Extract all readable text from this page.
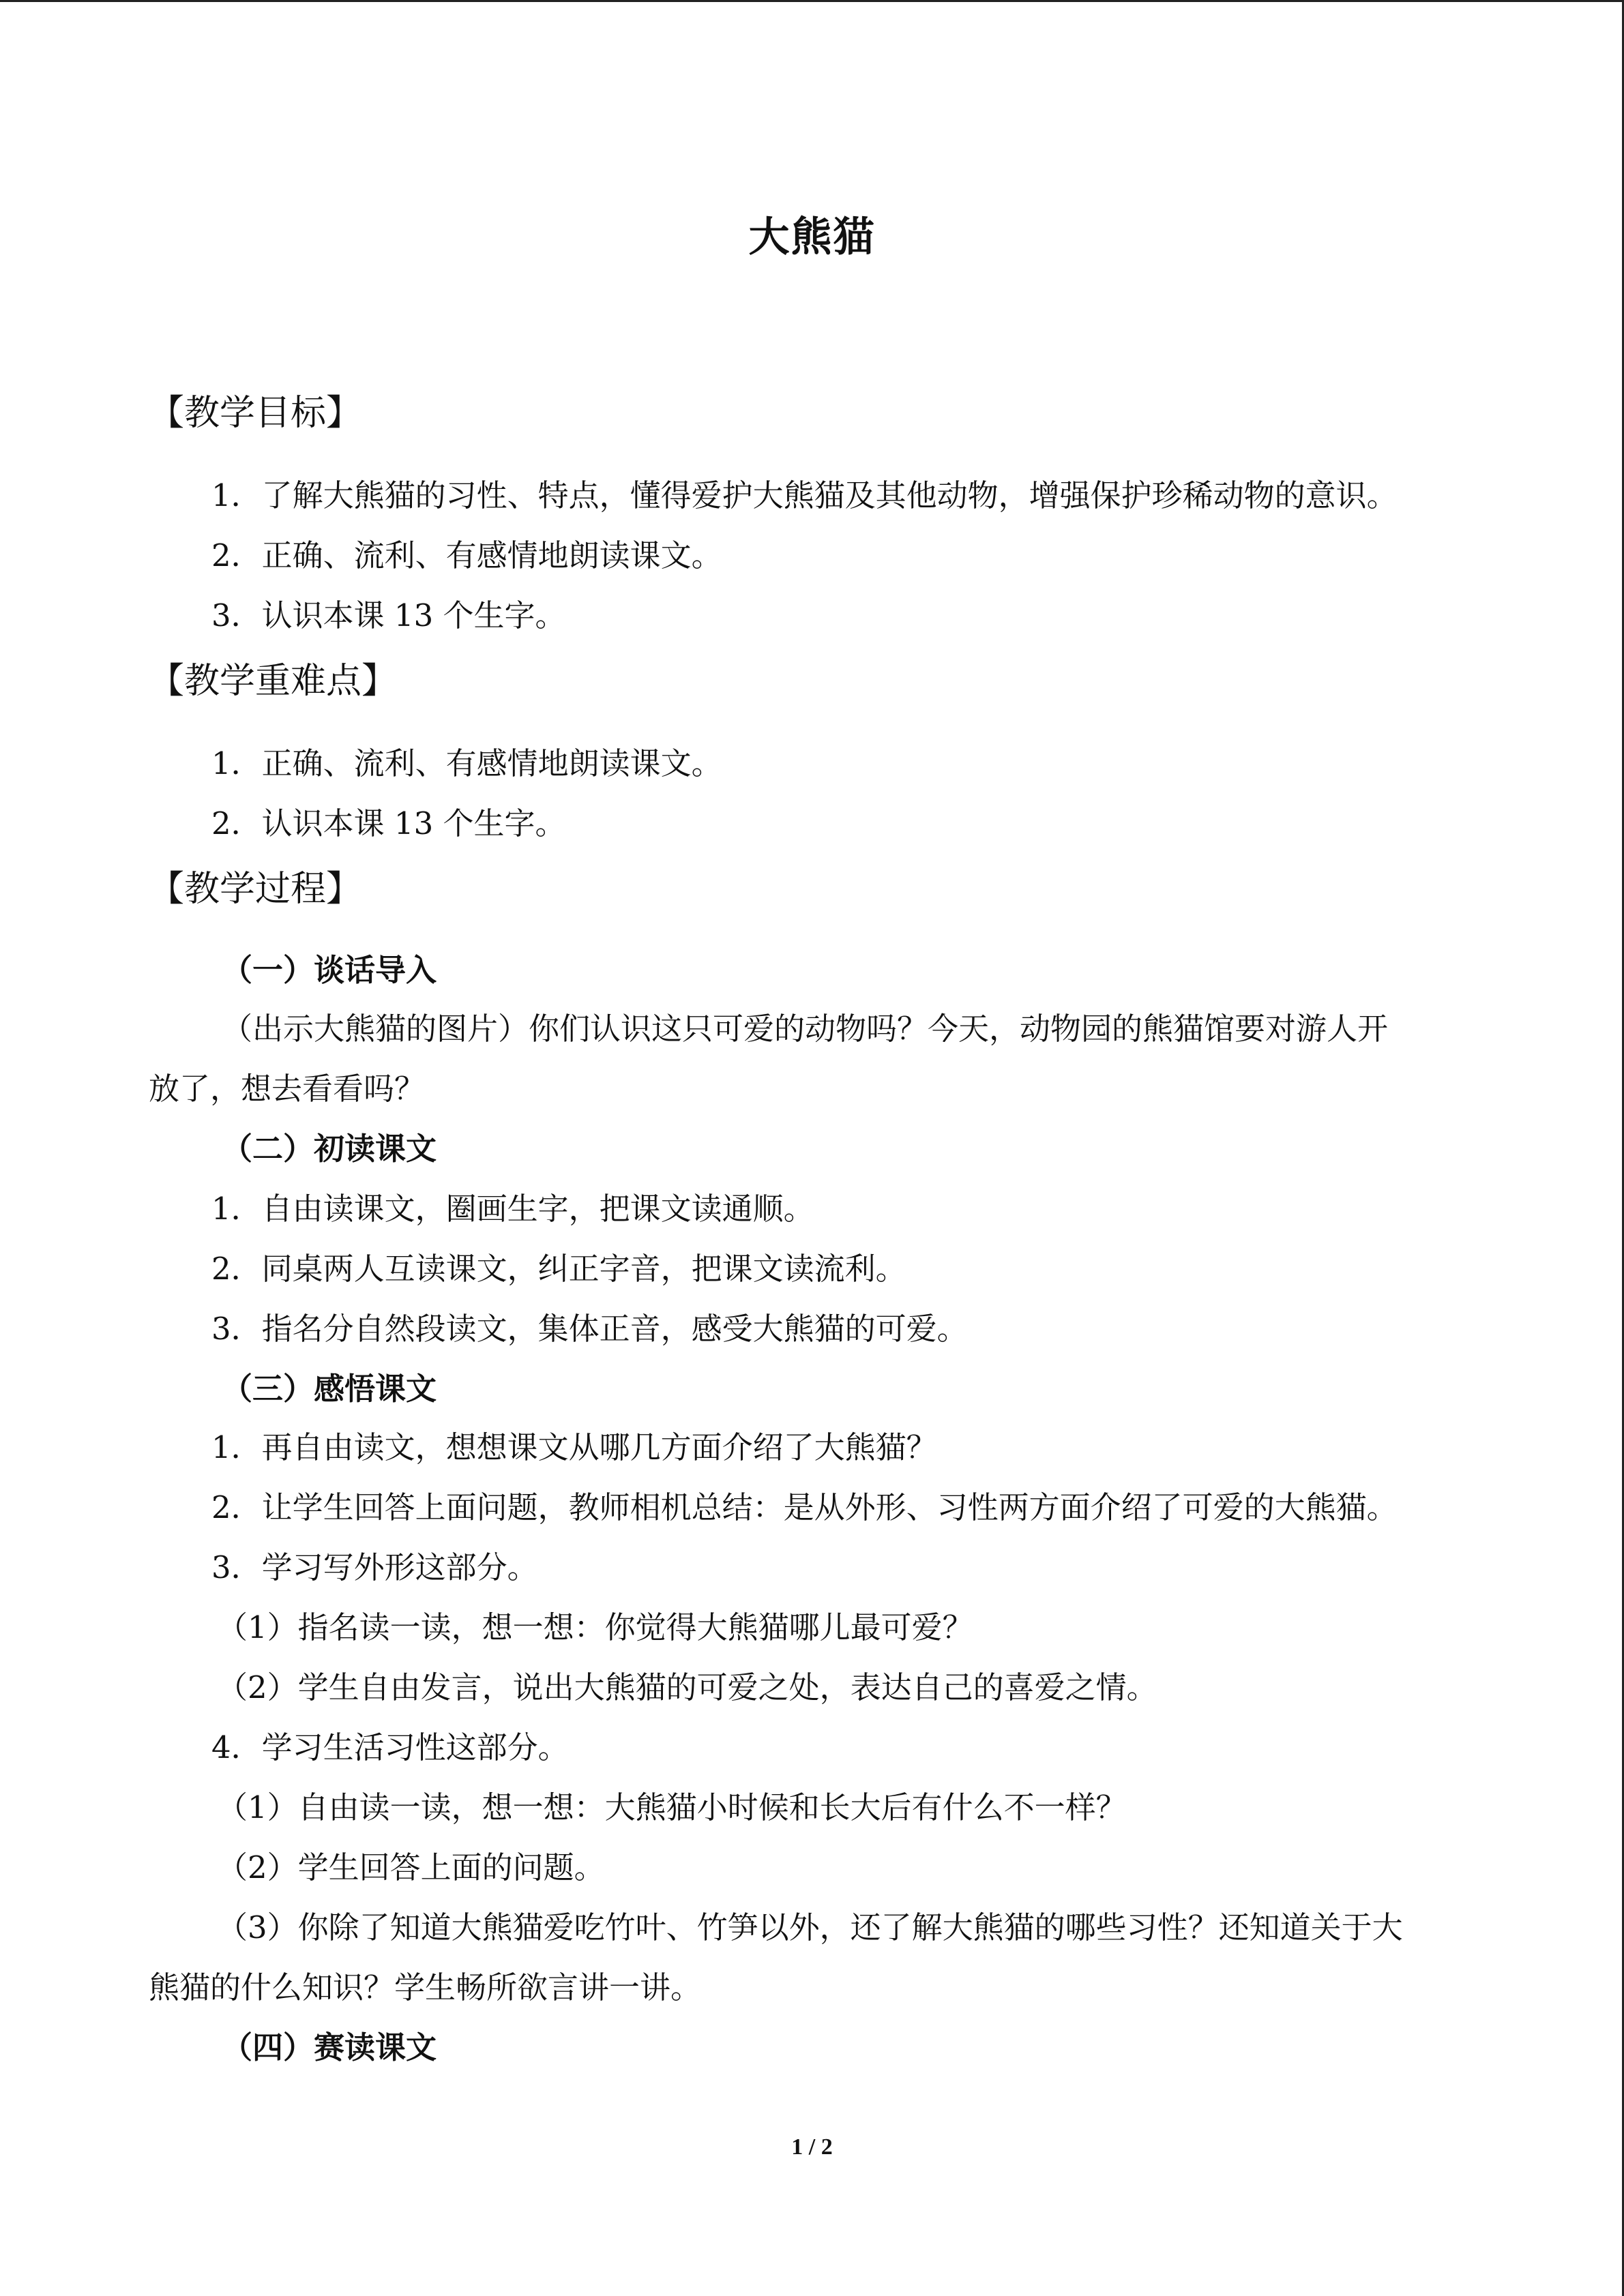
大熊猫
【教学目标】
1．了解大熊猫的习性、特点，懂得爱护大熊猫及其他动物，增强保护珍稀动物的意识。
2．正确、流利、有感情地朗读课文。
3．认识本课 13 个生字。
【教学重难点】
1．正确、流利、有感情地朗读课文。
2．认识本课 13 个生字。
【教学过程】
（一）谈话导入
（出示大熊猫的图片）你们认识这只可爱的动物吗？今天，动物园的熊猫馆要对游人开
放了，想去看看吗？
（二）初读课文
1．自由读课文，圈画生字，把课文读通顺。
2．同桌两人互读课文，纠正字音，把课文读流利。
3．指名分自然段读文，集体正音，感受大熊猫的可爱。
（三）感悟课文
1．再自由读文，想想课文从哪几方面介绍了大熊猫？
2．让学生回答上面问题，教师相机总结：是从外形、习性两方面介绍了可爱的大熊猫。
3．学习写外形这部分。
（1）指名读一读，想一想：你觉得大熊猫哪儿最可爱？
（2）学生自由发言，说出大熊猫的可爱之处，表达自己的喜爱之情。
4．学习生活习性这部分。
（1）自由读一读，想一想：大熊猫小时候和长大后有什么不一样？
（2）学生回答上面的问题。
（3）你除了知道大熊猫爱吃竹叶、竹笋以外，还了解大熊猫的哪些习性？还知道关于大
熊猫的什么知识？学生畅所欲言讲一讲。
（四）赛读课文
1 / 2
